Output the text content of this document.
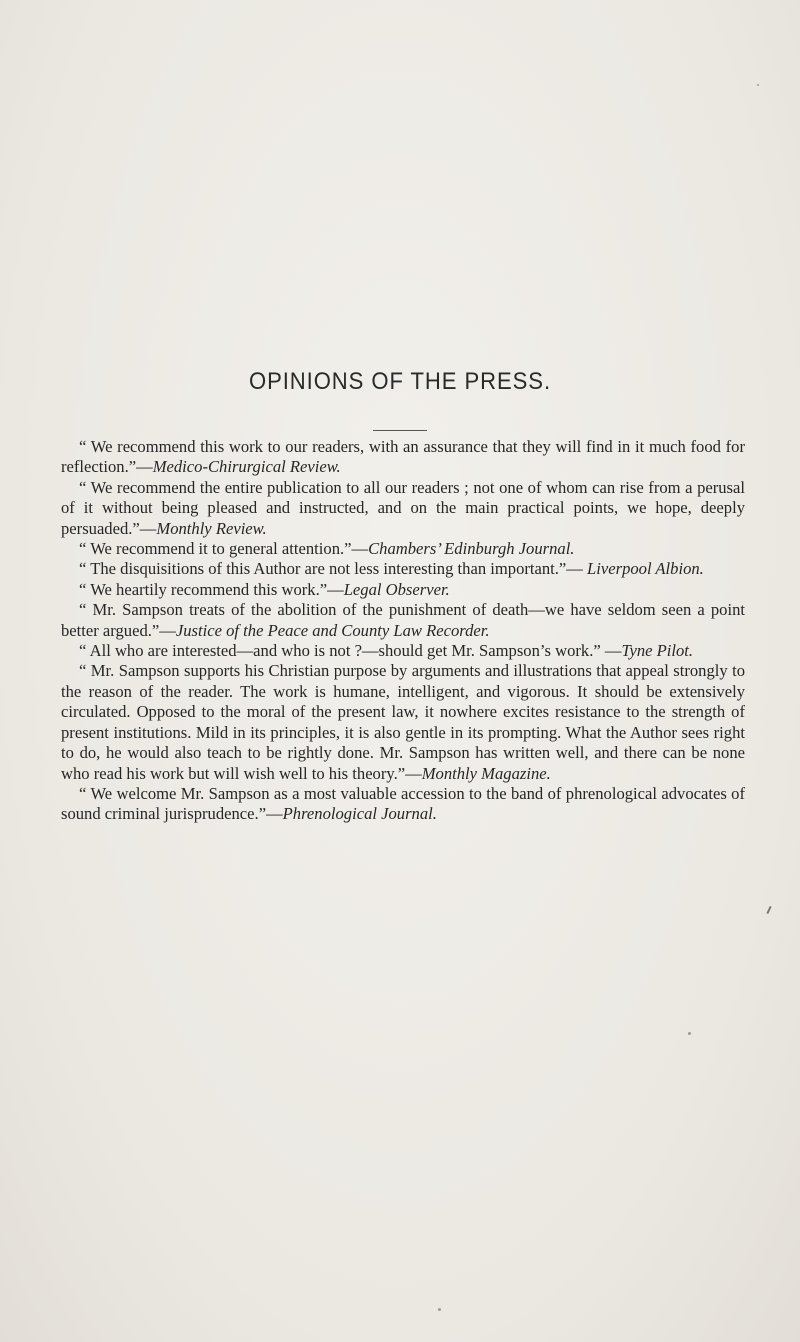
OPINIONS OF THE PRESS.

“ We recommend this work to our readers, with an assurance that they will find in it much food for reflection.”—Medico-Chirurgical Review.

“ We recommend the entire publication to all our readers ; not one of whom can rise from a perusal of it without being pleased and instructed, and on the main practical points, we hope, deeply persuaded.”—Monthly Review.

“ We recommend it to general attention.”—Chambers’ Edinburgh Journal.

“ The disquisitions of this Author are not less interesting than important.”— Liverpool Albion.

“ We heartily recommend this work.”—Legal Observer.

“ Mr. Sampson treats of the abolition of the punishment of death—we have seldom seen a point better argued.”—Justice of the Peace and County Law Recorder.

“ All who are interested—and who is not ?—should get Mr. Sampson’s work.” —Tyne Pilot.

“ Mr. Sampson supports his Christian purpose by arguments and illustrations that appeal strongly to the reason of the reader. The work is humane, intelligent, and vigorous. It should be extensively circulated. Opposed to the moral of the present law, it nowhere excites resistance to the strength of present institutions. Mild in its principles, it is also gentle in its prompting. What the Author sees right to do, he would also teach to be rightly done. Mr. Sampson has written well, and there can be none who read his work but will wish well to his theory.”—Monthly Magazine.

“ We welcome Mr. Sampson as a most valuable accession to the band of phrenological advocates of sound criminal jurisprudence.”—Phrenological Journal.
